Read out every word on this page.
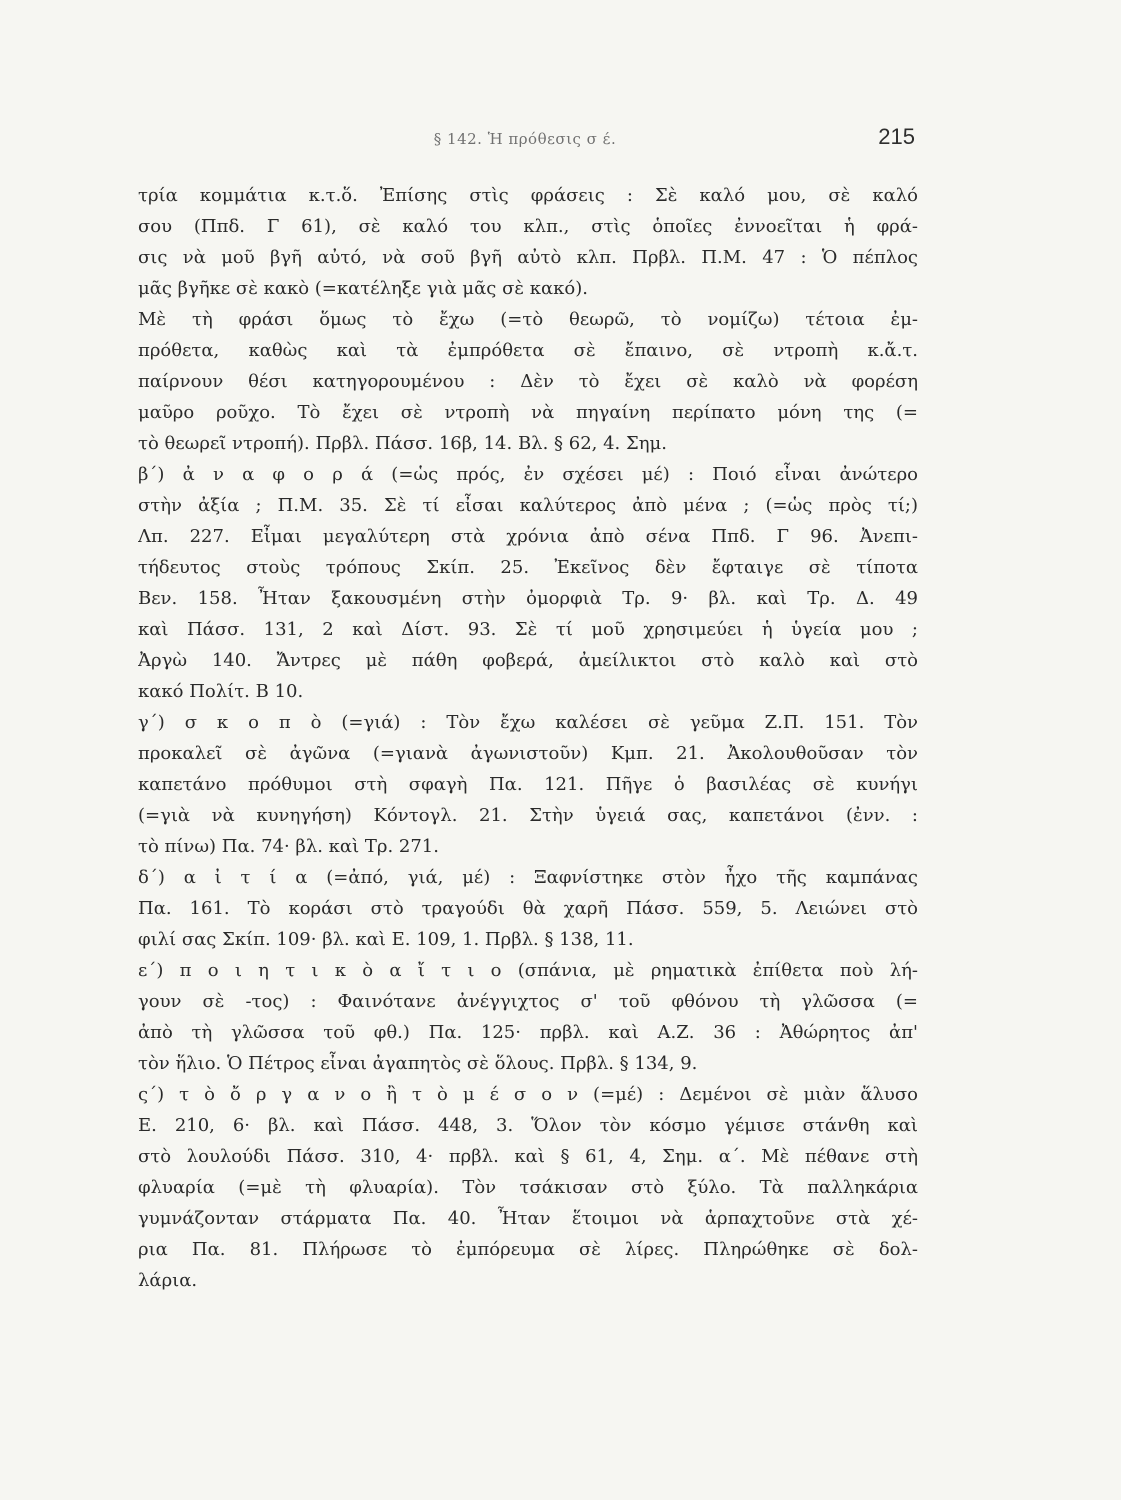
§ 142. Ἡ πρόθεσις σ έ.	215
τρία κομμάτια κ.τ.ὅ. Ἐπίσης στὶς φράσεις : Σὲ καλό μου, σὲ καλό
σου (Ππδ. Γ 61), σὲ καλό του κλπ., στὶς ὁποῖες ἐννοεῖται ἡ φρά-
σις νὰ μοῦ βγῆ αὐτό, νὰ σοῦ βγῆ αὐτὸ κλπ. Πρβλ. Π.Μ. 47 : Ὁ πέπλος
μᾶς βγῆκε σὲ κακὸ (=κατέληξε γιὰ μᾶς σὲ κακό).
Μὲ τὴ φράσι ὅμως τὸ ἔχω (=τὸ θεωρῶ, τὸ νομίζω) τέτοια ἐμ-
πρόθετα, καθὼς καὶ τὰ ἐμπρόθετα σὲ ἔπαινο, σὲ ντροπὴ κ.ἄ.τ.
παίρνουν θέσι κατηγορουμένου : Δὲν τὸ ἔχει σὲ καλὸ νὰ φορέση
μαῦρο ροῦχο. Τὸ ἔχει σὲ ντροπὴ νὰ πηγαίνη περίπατο μόνη της (=
τὸ θεωρεῖ ντροπή). Πρβλ. Πάσσ. 16β, 14. Βλ. § 62, 4. Σημ.
β΄) ἀ ν α φ ο ρ ά (=ὡς πρός, ἐν σχέσει μέ) : Ποιό εἶναι ἀνώτερο
στὴν ἀξία ; Π.Μ. 35. Σὲ τί εἶσαι καλύτερος ἀπὸ μένα ; (=ὡς πρὸς τί;)
Λπ. 227. Εἶμαι μεγαλύτερη στὰ χρόνια ἀπὸ σένα Ππδ. Γ 96. Ἀνεπι-
τήδευτος στοὺς τρόπους Σκίπ. 25. Ἐκεῖνος δὲν ἔφταιγε σὲ τίποτα
Βεν. 158. Ἦταν ξακουσμένη στὴν ὀμορφιὰ Τρ. 9· βλ. καὶ Τρ. Δ. 49
καὶ Πάσσ. 131, 2 καὶ Δίστ. 93. Σὲ τί μοῦ χρησιμεύει ἡ ὑγεία μου ;
Ἀργὼ 140. Ἄντρες μὲ πάθη φοβερά, ἀμείλικτοι στὸ καλὸ καὶ στὸ
κακό Πολίτ. Β 10.
γ΄) σ κ ο π ὸ (=γιά) : Τὸν ἔχω καλέσει σὲ γεῦμα Ζ.Π. 151. Τὸν
προκαλεῖ σὲ ἀγῶνα (=γιανὰ ἀγωνιστοῦν) Κμπ. 21. Ἀκολουθοῦσαν τὸν
καπετάνο πρόθυμοι στὴ σφαγὴ Πα. 121. Πῆγε ὁ βασιλέας σὲ κυνήγι
(=γιὰ νὰ κυνηγήση) Κόντογλ. 21. Στὴν ὑγειά σας, καπετάνοι (ἐνν. :
τὸ πίνω) Πα. 74· βλ. καὶ Τρ. 271.
δ΄) α ἰ τ ί α (=ἀπό, γιά, μέ) : Ξαφνίστηκε στὸν ἦχο τῆς καμπάνας
Πα. 161. Τὸ κοράσι στὸ τραγούδι θὰ χαρῆ Πάσσ. 559, 5. Λειώνει στὸ
φιλί σας Σκίπ. 109· βλ. καὶ Ε. 109, 1. Πρβλ. § 138, 11.
ε΄) π ο ι η τ ι κ ὸ α ἴ τ ι ο (σπάνια, μὲ ρηματικὰ ἐπίθετα ποὺ λή-
γουν σὲ -τος) : Φαινότανε ἀνέγγιχτος σ' τοῦ φθόνου τὴ γλῶσσα (=
ἀπὸ τὴ γλῶσσα τοῦ φθ.) Πα. 125· πρβλ. καὶ Α.Ζ. 36 : Ἀθώρητος ἀπ'
τὸν ἥλιο. Ὁ Πέτρος εἶναι ἀγαπητὸς σὲ ὅλους. Πρβλ. § 134, 9.
ς΄) τ ὸ ὄ ρ γ α ν ο ἢ τ ὸ μ έ σ ο ν (=μέ) : Δεμένοι σὲ μιὰν ἅλυσο
Ε. 210, 6· βλ. καὶ Πάσσ. 448, 3. Ὅλον τὸν κόσμο γέμισε στάνθη καὶ
στὸ λουλούδι Πάσσ. 310, 4· πρβλ. καὶ § 61, 4, Σημ. α΄. Μὲ πέθανε στὴ
φλυαρία (=μὲ τὴ φλυαρία). Τὸν τσάκισαν στὸ ξύλο. Τὰ παλληκάρια
γυμνάζονταν στάρματα Πα. 40. Ἦταν ἕτοιμοι νὰ ἁρπαχτοῦνε στὰ χέ-
ρια Πα. 81. Πλήρωσε τὸ ἐμπόρευμα σὲ λίρες. Πληρώθηκε σὲ δολ-
λάρια.
